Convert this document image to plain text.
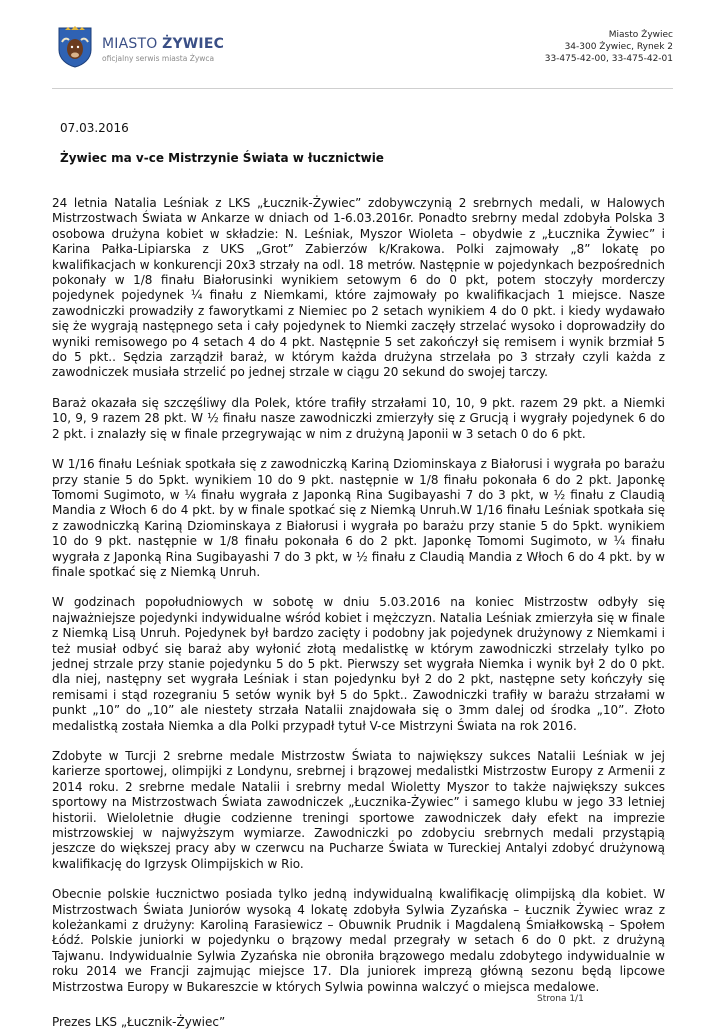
MIASTO ŻYWIEC
oficjalny serwis miasta Żywca
Miasto Żywiec
34-300 Żywiec, Rynek 2
33-475-42-00, 33-475-42-01
07.03.2016
Żywiec ma v-ce Mistrzynie Świata w łucznictwie

24 letnia Natalia Leśniak z LKS „Łucznik-Żywiec” zdobywczynią 2 srebrnych medali, w Halowych Mistrzostwach Świata w Ankarze w dniach od 1-6.03.2016r. Ponadto srebrny medal zdobyła Polska 3 osobowa drużyna kobiet w składzie: N. Leśniak, Myszor Wioleta – obydwie z „Łucznika Żywiec” i Karina Pałka-Lipiarska z UKS „Grot” Zabierzów k/Krakowa. Polki zajmowały „8” lokatę po kwalifikacjach w konkurencji 20x3 strzały na odl. 18 metrów. Następnie w pojedynkach bezpośrednich pokonały w 1/8 finału Białorusinki wynikiem setowym 6 do 0 pkt, potem stoczyły morderczy pojedynek pojedynek ¼ finału z Niemkami, które zajmowały po kwalifikacjach 1 miejsce. Nasze zawodniczki prowadziły z faworytkami z Niemiec po 2 setach wynikiem 4 do 0 pkt. i kiedy wydawało się że wygrają następnego seta i cały pojedynek to Niemki zaczęły strzelać wysoko i doprowadziły do wyniki remisowego po 4 setach 4 do 4 pkt. Następnie 5 set zakończył się remisem i wynik brzmiał 5 do 5 pkt.. Sędzia zarządził baraż, w którym każda drużyna strzelała po 3 strzały czyli każda z zawodniczek musiała strzelić po jednej strzale w ciągu 20 sekund do swojej tarczy.

Baraż okazała się szczęśliwy dla Polek, które trafiły strzałami 10, 10, 9 pkt. razem 29 pkt. a Niemki 10, 9, 9 razem 28 pkt. W ½ finału nasze zawodniczki zmierzyły się z Grucją i wygrały pojedynek 6 do 2 pkt. i znalazły się w finale przegrywając w nim z drużyną Japonii w 3 setach 0 do 6 pkt.

W 1/16 finału Leśniak spotkała się z zawodniczką Kariną Dziominskaya z Białorusi i wygrała po barażu przy stanie 5 do 5pkt. wynikiem 10 do 9 pkt. następnie w 1/8 finału pokonała 6 do 2 pkt. Japonkę Tomomi Sugimoto, w ¼ finału wygrała z Japonką Rina Sugibayashi 7 do 3 pkt, w ½ finału z Claudią Mandia z Włoch 6 do 4 pkt. by w finale spotkać się z Niemką Unruh.W 1/16 finału Leśniak spotkała się z zawodniczką Kariną Dziominskaya z Białorusi i wygrała po barażu przy stanie 5 do 5pkt. wynikiem 10 do 9 pkt. następnie w 1/8 finału pokonała 6 do 2 pkt. Japonkę Tomomi Sugimoto, w ¼ finału wygrała z Japonką Rina Sugibayashi 7 do 3 pkt, w ½ finału z Claudią Mandia z Włoch 6 do 4 pkt. by w finale spotkać się z Niemką Unruh.

W godzinach popołudniowych w sobotę w dniu 5.03.2016 na koniec Mistrzostw odbyły się najważniejsze pojedynki indywidualne wśród kobiet i mężczyzn. Natalia Leśniak zmierzyła się w finale z Niemką Lisą Unruh. Pojedynek był bardzo zacięty i podobny jak pojedynek drużynowy z Niemkami i też musiał odbyć się baraż aby wyłonić złotą medalistkę w którym zawodniczki strzelały tylko po jednej strzale przy stanie pojedynku 5 do 5 pkt. Pierwszy set wygrała Niemka i wynik był 2 do 0 pkt. dla niej, następny set wygrała Leśniak i stan pojedynku był 2 do 2 pkt, następne sety kończyły się remisami i stąd rozegraniu 5 setów wynik był 5 do 5pkt.. Zawodniczki trafiły w barażu strzałami w punkt „10” do „10” ale niestety strzała Natalii znajdowała się o 3mm dalej od środka „10”. Złoto medalistką została Niemka a dla Polki przypadł tytuł V-ce Mistrzyni Świata na rok 2016.

Zdobyte w Turcji 2 srebrne medale Mistrzostw Świata to największy sukces Natalii Leśniak w jej karierze sportowej, olimpijki z Londynu, srebrnej i brązowej medalistki Mistrzostw Europy z Armenii z 2014 roku. 2 srebrne medale Natalii i srebrny medal Wioletty Myszor to także największy sukces sportowy na Mistrzostwach Świata zawodniczek „Łucznika-Żywiec” i samego klubu w jego 33 letniej historii. Wieloletnie długie codzienne treningi sportowe zawodniczek dały efekt na imprezie mistrzowskiej w najwyższym wymiarze. Zawodniczki po zdobyciu srebrnych medali przystąpią jeszcze do większej pracy aby w czerwcu na Pucharze Świata w Tureckiej Antalyi zdobyć drużynową kwalifikację do Igrzysk Olimpijskich w Rio.

Obecnie polskie łucznictwo posiada tylko jedną indywidualną kwalifikację olimpijską dla kobiet. W Mistrzostwach Świata Juniorów wysoką 4 lokatę zdobyła Sylwia Zyzańska – Łucznik Żywiec wraz z koleżankami z drużyny: Karoliną Farasiewicz – Obuwnik Prudnik i Magdaleną Śmiałkowską – Społem Łódź. Polskie juniorki w pojedynku o brązowy medal przegrały w setach 6 do 0 pkt. z drużyną Tajwanu. Indywidualnie Sylwia Zyzańska nie obroniła brązowego medalu zdobytego indywidualnie w roku 2014 we Francji zajmując miejsce 17. Dla juniorek imprezą główną sezonu będą lipcowe Mistrzostwa Europy w Bukareszcie w których Sylwia powinna walczyć o miejsca medalowe.

Strona 1/1
Prezes LKS „Łucznik-Żywiec”
